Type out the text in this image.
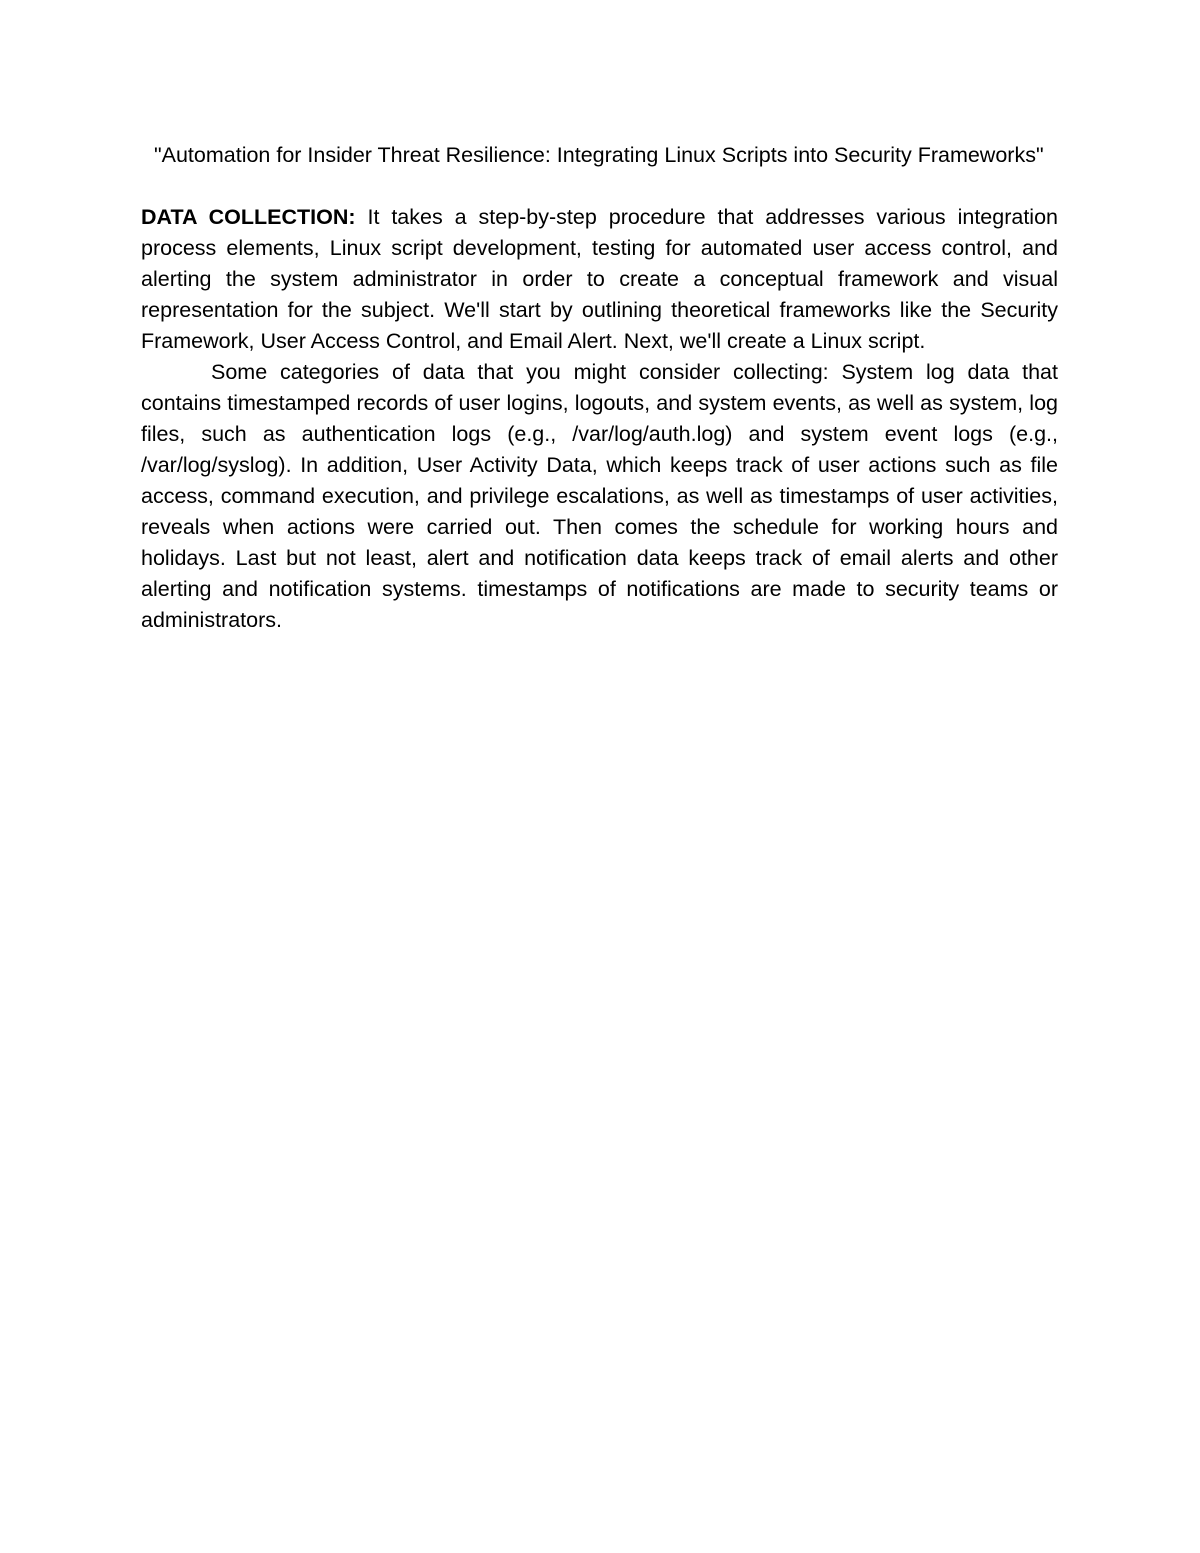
"Automation for Insider Threat Resilience: Integrating Linux Scripts into Security Frameworks"

DATA COLLECTION: It takes a step-by-step procedure that addresses various integration process elements, Linux script development, testing for automated user access control, and alerting the system administrator in order to create a conceptual framework and visual representation for the subject. We'll start by outlining theoretical frameworks like the Security Framework, User Access Control, and Email Alert. Next, we'll create a Linux script.

Some categories of data that you might consider collecting: System log data that contains timestamped records of user logins, logouts, and system events, as well as system, log files, such as authentication logs (e.g., /var/log/auth.log) and system event logs (e.g., /var/log/syslog). In addition, User Activity Data, which keeps track of user actions such as file access, command execution, and privilege escalations, as well as timestamps of user activities, reveals when actions were carried out. Then comes the schedule for working hours and holidays. Last but not least, alert and notification data keeps track of email alerts and other alerting and notification systems. timestamps of notifications are made to security teams or administrators.
